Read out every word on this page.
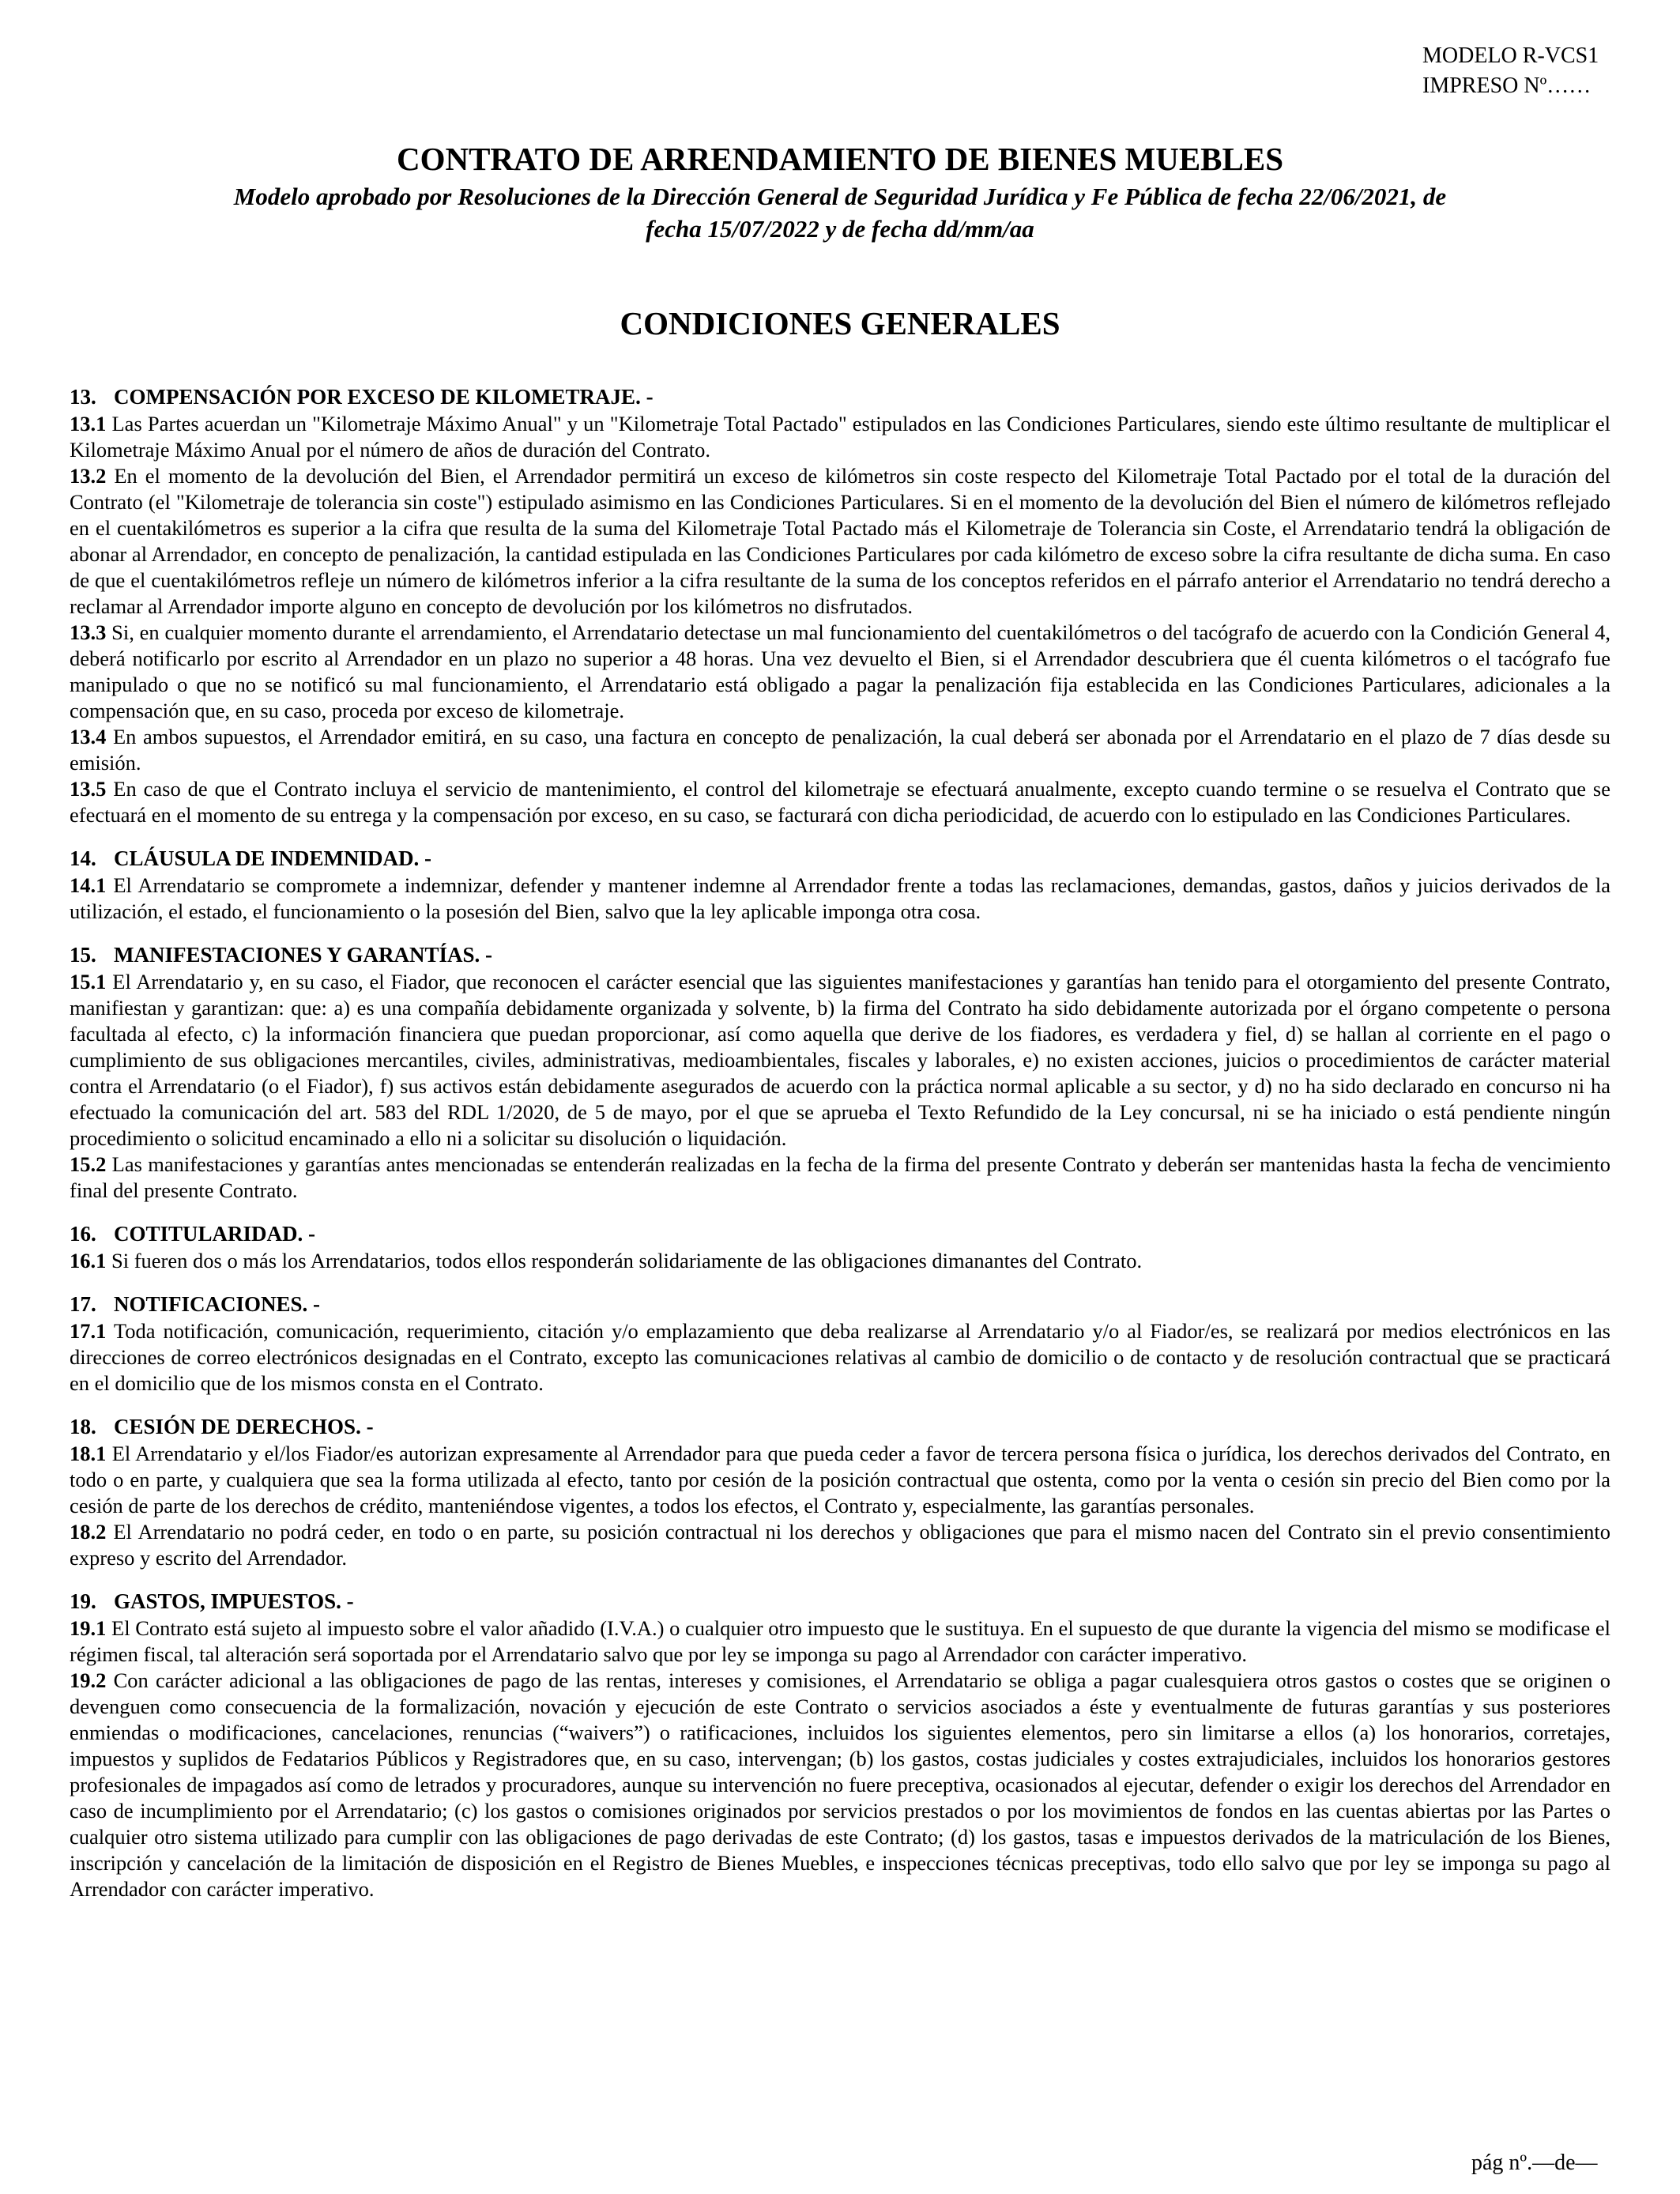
MODELO R-VCS1
IMPRESO Nº……
CONTRATO DE ARRENDAMIENTO DE BIENES MUEBLES
Modelo aprobado por Resoluciones de la Dirección General de Seguridad Jurídica y Fe Pública de fecha 22/06/2021, de
fecha 15/07/2022 y de fecha dd/mm/aa
CONDICIONES GENERALES
13. COMPENSACIÓN POR EXCESO DE KILOMETRAJE. -

13.1 Las Partes acuerdan un "Kilometraje Máximo Anual" y un "Kilometraje Total Pactado" estipulados en las Condiciones Particulares, siendo este último resultante de multiplicar el Kilometraje Máximo Anual por el número de años de duración del Contrato.

13.2 En el momento de la devolución del Bien, el Arrendador permitirá un exceso de kilómetros sin coste respecto del Kilometraje Total Pactado por el total de la duración del Contrato (el "Kilometraje de tolerancia sin coste") estipulado asimismo en las Condiciones Particulares. Si en el momento de la devolución del Bien el número de kilómetros reflejado en el cuentakilómetros es superior a la cifra que resulta de la suma del Kilometraje Total Pactado más el Kilometraje de Tolerancia sin Coste, el Arrendatario tendrá la obligación de abonar al Arrendador, en concepto de penalización, la cantidad estipulada en las Condiciones Particulares por cada kilómetro de exceso sobre la cifra resultante de dicha suma. En caso de que el cuentakilómetros refleje un número de kilómetros inferior a la cifra resultante de la suma de los conceptos referidos en el párrafo anterior el Arrendatario no tendrá derecho a reclamar al Arrendador importe alguno en concepto de devolución por los kilómetros no disfrutados.

13.3 Si, en cualquier momento durante el arrendamiento, el Arrendatario detectase un mal funcionamiento del cuentakilómetros o del tacógrafo de acuerdo con la Condición General 4, deberá notificarlo por escrito al Arrendador en un plazo no superior a 48 horas. Una vez devuelto el Bien, si el Arrendador descubriera que él cuenta kilómetros o el tacógrafo fue manipulado o que no se notificó su mal funcionamiento, el Arrendatario está obligado a pagar la penalización fija establecida en las Condiciones Particulares, adicionales a la compensación que, en su caso, proceda por exceso de kilometraje.

13.4 En ambos supuestos, el Arrendador emitirá, en su caso, una factura en concepto de penalización, la cual deberá ser abonada por el Arrendatario en el plazo de 7 días desde su emisión.

13.5 En caso de que el Contrato incluya el servicio de mantenimiento, el control del kilometraje se efectuará anualmente, excepto cuando termine o se resuelva el Contrato que se efectuará en el momento de su entrega y la compensación por exceso, en su caso, se facturará con dicha periodicidad, de acuerdo con lo estipulado en las Condiciones Particulares.

14. CLÁUSULA DE INDEMNIDAD. -

14.1 El Arrendatario se compromete a indemnizar, defender y mantener indemne al Arrendador frente a todas las reclamaciones, demandas, gastos, daños y juicios derivados de la utilización, el estado, el funcionamiento o la posesión del Bien, salvo que la ley aplicable imponga otra cosa.

15. MANIFESTACIONES Y GARANTÍAS. -

15.1 El Arrendatario y, en su caso, el Fiador, que reconocen el carácter esencial que las siguientes manifestaciones y garantías han tenido para el otorgamiento del presente Contrato, manifiestan y garantizan: que: a) es una compañía debidamente organizada y solvente, b) la firma del Contrato ha sido debidamente autorizada por el órgano competente o persona facultada al efecto, c) la información financiera que puedan proporcionar, así como aquella que derive de los fiadores, es verdadera y fiel, d) se hallan al corriente en el pago o cumplimiento de sus obligaciones mercantiles, civiles, administrativas, medioambientales, fiscales y laborales, e) no existen acciones, juicios o procedimientos de carácter material contra el Arrendatario (o el Fiador), f) sus activos están debidamente asegurados de acuerdo con la práctica normal aplicable a su sector, y d) no ha sido declarado en concurso ni ha efectuado la comunicación del art. 583 del RDL 1/2020, de 5 de mayo, por el que se aprueba el Texto Refundido de la Ley concursal, ni se ha iniciado o está pendiente ningún procedimiento o solicitud encaminado a ello ni a solicitar su disolución o liquidación.

15.2 Las manifestaciones y garantías antes mencionadas se entenderán realizadas en la fecha de la firma del presente Contrato y deberán ser mantenidas hasta la fecha de vencimiento final del presente Contrato.

16. COTITULARIDAD. -

16.1 Si fueren dos o más los Arrendatarios, todos ellos responderán solidariamente de las obligaciones dimanantes del Contrato.

17. NOTIFICACIONES. -

17.1 Toda notificación, comunicación, requerimiento, citación y/o emplazamiento que deba realizarse al Arrendatario y/o al Fiador/es, se realizará por medios electrónicos en las direcciones de correo electrónicos designadas en el Contrato, excepto las comunicaciones relativas al cambio de domicilio o de contacto y de resolución contractual que se practicará en el domicilio que de los mismos consta en el Contrato.

18. CESIÓN DE DERECHOS. -

18.1 El Arrendatario y el/los Fiador/es autorizan expresamente al Arrendador para que pueda ceder a favor de tercera persona física o jurídica, los derechos derivados del Contrato, en todo o en parte, y cualquiera que sea la forma utilizada al efecto, tanto por cesión de la posición contractual que ostenta, como por la venta o cesión sin precio del Bien como por la cesión de parte de los derechos de crédito, manteniéndose vigentes, a todos los efectos, el Contrato y, especialmente, las garantías personales.

18.2 El Arrendatario no podrá ceder, en todo o en parte, su posición contractual ni los derechos y obligaciones que para el mismo nacen del Contrato sin el previo consentimiento expreso y escrito del Arrendador.

19. GASTOS, IMPUESTOS. -

19.1 El Contrato está sujeto al impuesto sobre el valor añadido (I.V.A.) o cualquier otro impuesto que le sustituya. En el supuesto de que durante la vigencia del mismo se modificase el régimen fiscal, tal alteración será soportada por el Arrendatario salvo que por ley se imponga su pago al Arrendador con carácter imperativo.

19.2 Con carácter adicional a las obligaciones de pago de las rentas, intereses y comisiones, el Arrendatario se obliga a pagar cualesquiera otros gastos o costes que se originen o devenguen como consecuencia de la formalización, novación y ejecución de este Contrato o servicios asociados a éste y eventualmente de futuras garantías y sus posteriores enmiendas o modificaciones, cancelaciones, renuncias (“waivers”) o ratificaciones, incluidos los siguientes elementos, pero sin limitarse a ellos (a) los honorarios, corretajes, impuestos y suplidos de Fedatarios Públicos y Registradores que, en su caso, intervengan; (b) los gastos, costas judiciales y costes extrajudiciales, incluidos los honorarios gestores profesionales de impagados así como de letrados y procuradores, aunque su intervención no fuere preceptiva, ocasionados al ejecutar, defender o exigir los derechos del Arrendador en caso de incumplimiento por el Arrendatario; (c) los gastos o comisiones originados por servicios prestados o por los movimientos de fondos en las cuentas abiertas por las Partes o cualquier otro sistema utilizado para cumplir con las obligaciones de pago derivadas de este Contrato; (d) los gastos, tasas e impuestos derivados de la matriculación de los Bienes, inscripción y cancelación de la limitación de disposición en el Registro de Bienes Muebles, e inspecciones técnicas preceptivas, todo ello salvo que por ley se imponga su pago al Arrendador con carácter imperativo.

pág nº.—de—
